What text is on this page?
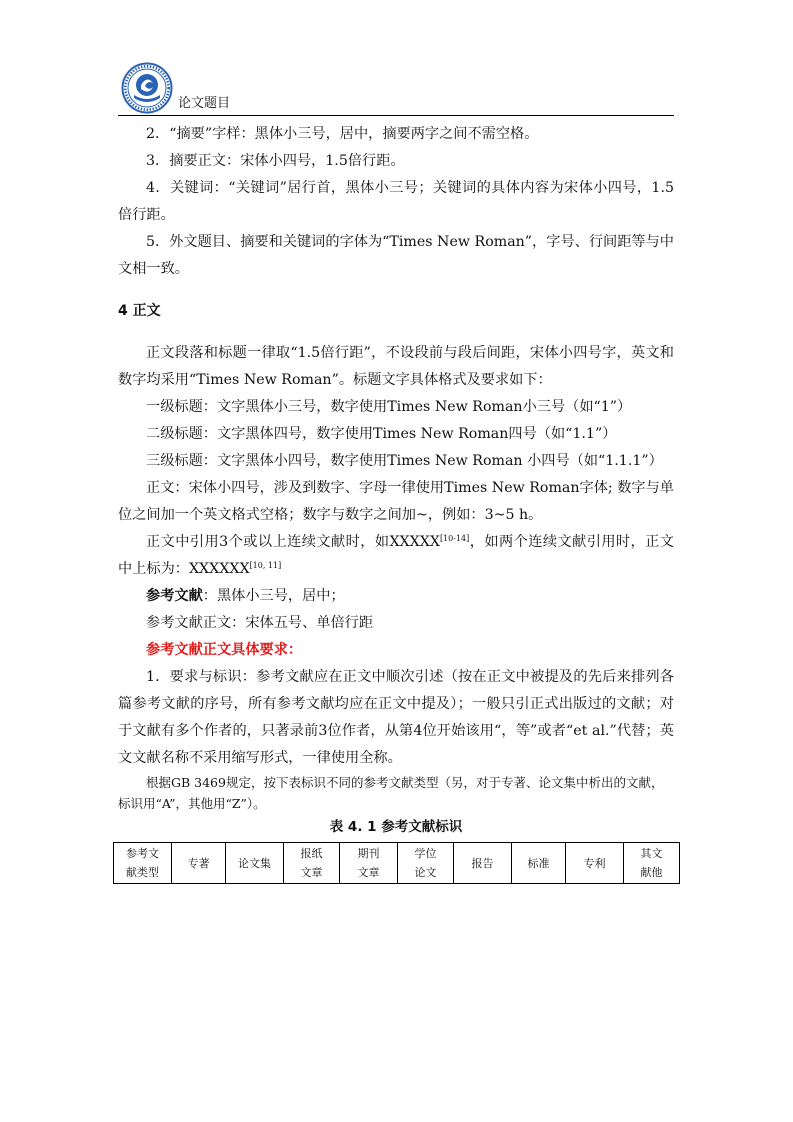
论文题目

2．“摘要”字样：黑体小三号，居中，摘要两字之间不需空格。

3．摘要正文：宋体小四号，1.5倍行距。

4．关键词：“关键词”居行首，黑体小三号；关键词的具体内容为宋体小四号，1.5倍行距。

5．外文题目、摘要和关键词的字体为“Times New Roman”，字号、行间距等与中文相一致。

4 正文

正文段落和标题一律取“1.5倍行距”，不设段前与段后间距，宋体小四号字，英文和数字均采用“Times New Roman”。标题文字具体格式及要求如下：

一级标题：文字黑体小三号，数字使用Times New Roman小三号（如“1”）

二级标题：文字黑体四号，数字使用Times New Roman四号（如“1.1”）

三级标题：文字黑体小四号，数字使用Times New Roman 小四号（如“1.1.1”）

正文：宋体小四号，涉及到数字、字母一律使用Times New Roman字体; 数字与单位之间加一个英文格式空格；数字与数字之间加~，例如：3~5 h。

正文中引用3个或以上连续文献时，如XXXXX[10-14]，如两个连续文献引用时，正文中上标为：XXXXXX[10, 11]

参考文献：黑体小三号，居中；

参考文献正文：宋体五号、单倍行距

参考文献正文具体要求：

1．要求与标识：参考文献应在正文中顺次引述（按在正文中被提及的先后来排列各篇参考文献的序号，所有参考文献均应在正文中提及）；一般只引正式出版过的文献；对于文献有多个作者的，只著录前3位作者，从第4位开始该用“，等”或者“et al.”代替；英文文献名称不采用缩写形式，一律使用全称。

根据GB 3469规定，按下表标识不同的参考文献类型（另，对于专著、论文集中析出的文献，标识用“A”，其他用“Z”）。

表 4. 1 参考文献标识
参考文献类型	专著	论文集	报纸文章	期刊文章	学位论文	报告	标准	专利	其文献他
